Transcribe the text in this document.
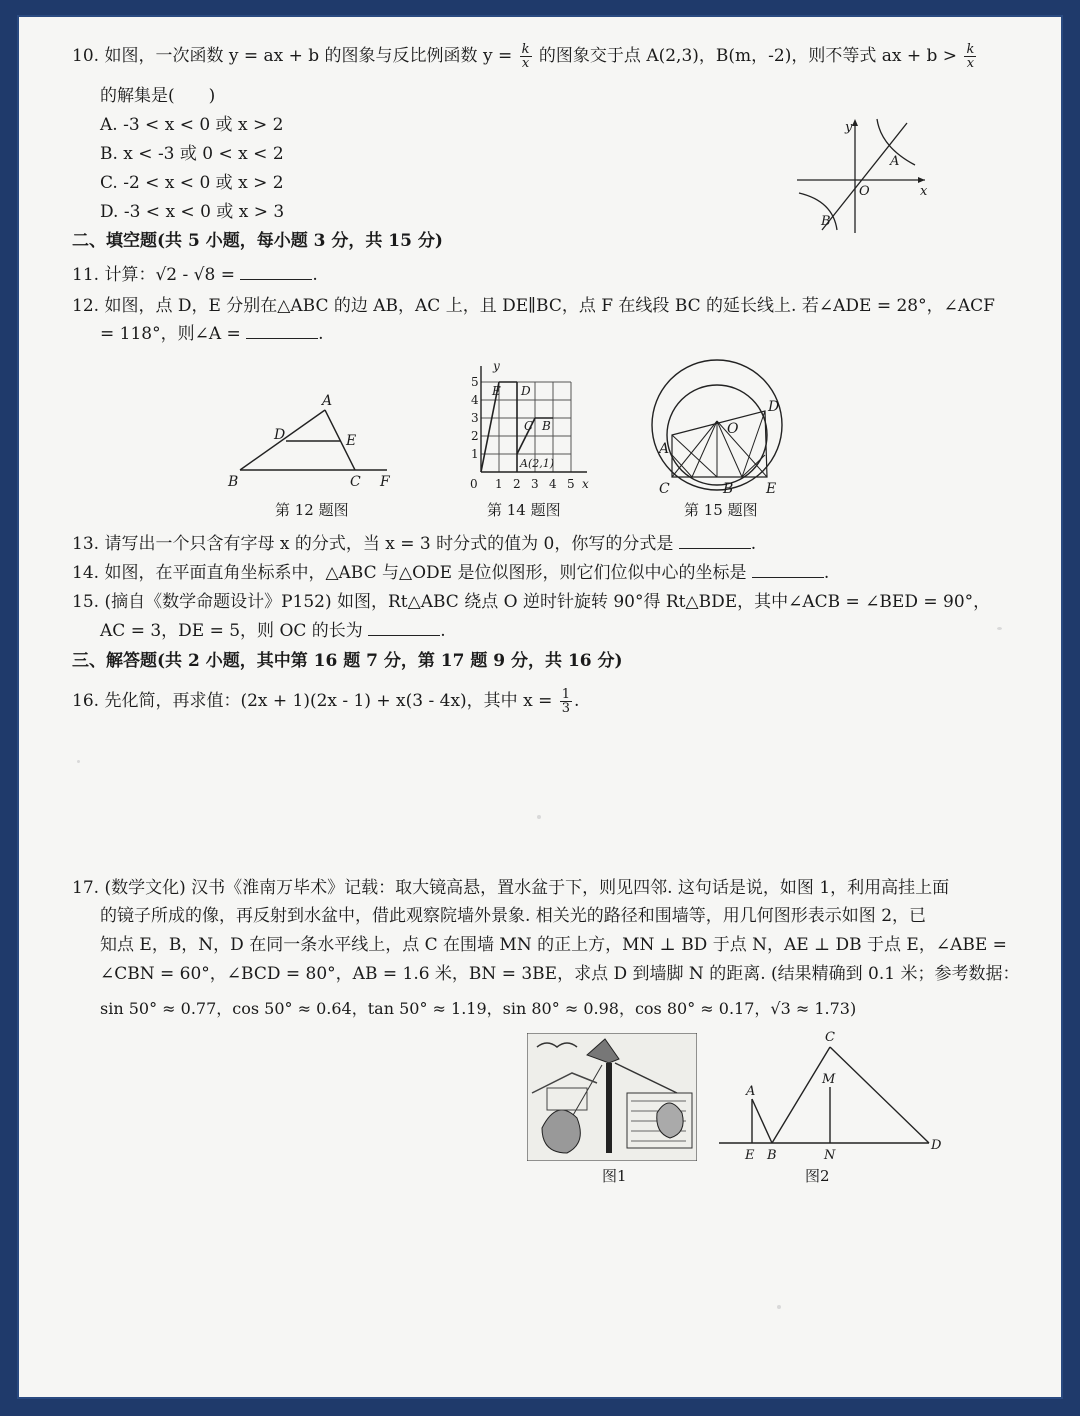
10. 如图，一次函数 y = ax + b 的图象与反比例函数 $y = \frac{k}{x}$ 的图象交于点 A(2,3)，B(m，-2)，则不等式 ax + $b > \frac{k}{x}$
的解集是(　　)
A. -3 < x < 0 或 x > 2
B. x < -3 或 0 < x < 2
C. -2 < x < 0 或 x > 2
D. -3 < x < 0 或 x > 3
y
x
O
A
B
二、填空题(共 5 小题，每小题 3 分，共 15 分)
11. 计算：√2 - √8 =	.
12. 如图，点 D，E 分别在△ABC 的边 AB，AC 上，且 DE∥BC，点 F 在线段 BC 的延长线上. 若∠ADE = 28°，∠ACF
= 118°，则∠A =	.
A
B	C
D	E
F
第 12 题图
y
x
0
1
2
3
4
5
1 2 3 4 5
E D
C B
A(2,1)
第 14 题图
O
A
D
C	B E
第 15 题图
13. 请写出一个只含有字母 x 的分式，当 x = 3 时分式的值为 0，你写的分式是	.
14. 如图，在平面直角坐标系中，△ABC 与△ODE 是位似图形，则它们位似中心的坐标是	.
15. (摘自《数学命题设计》P152) 如图，Rt△ABC 绕点 O 逆时针旋转 90°得 Rt△BDE，其中∠ACB = ∠BED = 90°，
AC = 3，DE = 5，则 OC 的长为	.
三、解答题(共 2 小题，其中第 16 题 7 分，第 17 题 9 分，共 16 分)
16. 先化简，再求值：(2x + 1)(2x - 1) + x(3 - 4x)，其中 $x = \frac{1}{3}$ .
17. (数学文化) 汉书《淮南万毕术》记载：取大镜高悬，置水盆于下，则见四邻. 这句话是说，如图 1，利用高挂上面
的镜子所成的像，再反射到水盆中，借此观察院墙外景象. 相关光的路径和围墙等，用几何图形表示如图 2，已
知点 E，B，N，D 在同一条水平线上，点 C 在围墙 MN 的正上方，MN ⊥ BD 于点 N，AE ⊥ DB 于点 E，∠ABE =
∠CBN = 60°，∠BCD = 80°，AB = 1.6 米，BN = 3BE，求点 D 到墙脚 N 的距离. (结果精确到 0.1 米；参考数据：
sin 50° ≈ 0.77，cos 50° ≈ 0.64，tan 50° ≈ 1.19，sin 80° ≈ 0.98，cos 80° ≈ 0.17，√3 ≈ 1.73)
图1
A
E B
C
M
N
D
图2
